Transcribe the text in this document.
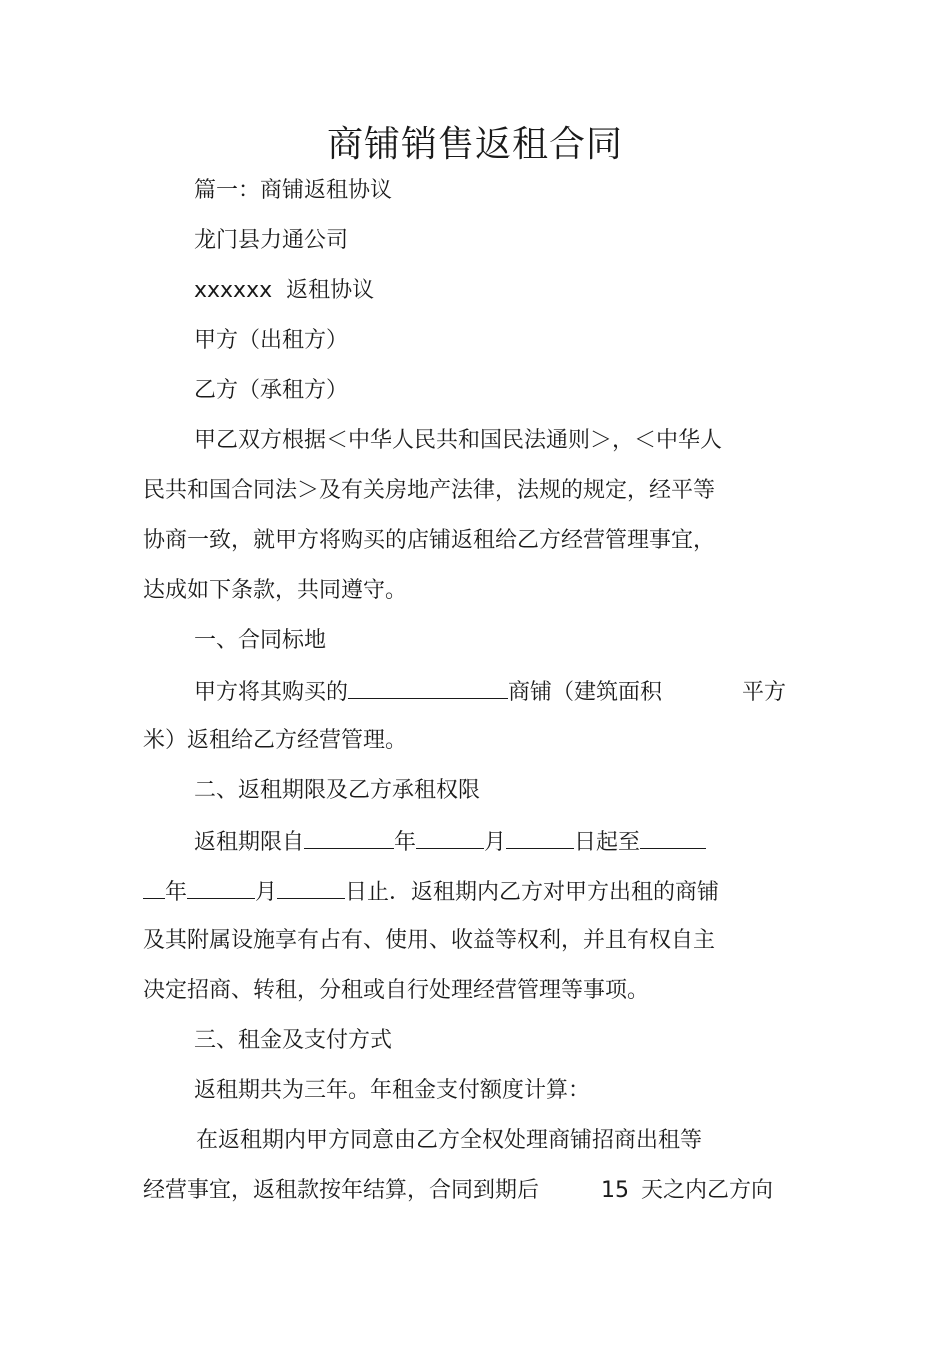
商铺销售返租合同
篇一：商铺返租协议
龙门县力通公司
xxxxxx  返租协议
甲方（出租方）
乙方（承租方）
甲乙双方根据＜中华人民共和国民法通则＞，＜中华人
民共和国合同法＞及有关房地产法律，法规的规定，经平等
协商一致，就甲方将购买的店铺返租给乙方经营管理事宜，
达成如下条款，共同遵守。
一、合同标地
甲方将其购买的	商铺（建筑面积	平方
米）返租给乙方经营管理。
二、返租期限及乙方承租权限
返租期限自	年	月	日起至
年	月	日止．返租期内乙方对甲方出租的商铺
及其附属设施享有占有、使用、收益等权利，并且有权自主
决定招商、转租，分租或自行处理经营管理等事项。
三、租金及支付方式
返租期共为三年。年租金支付额度计算：
在返租期内甲方同意由乙方全权处理商铺招商出租等
经营事宜，返租款按年结算，合同到期后	15 天之内乙方向
